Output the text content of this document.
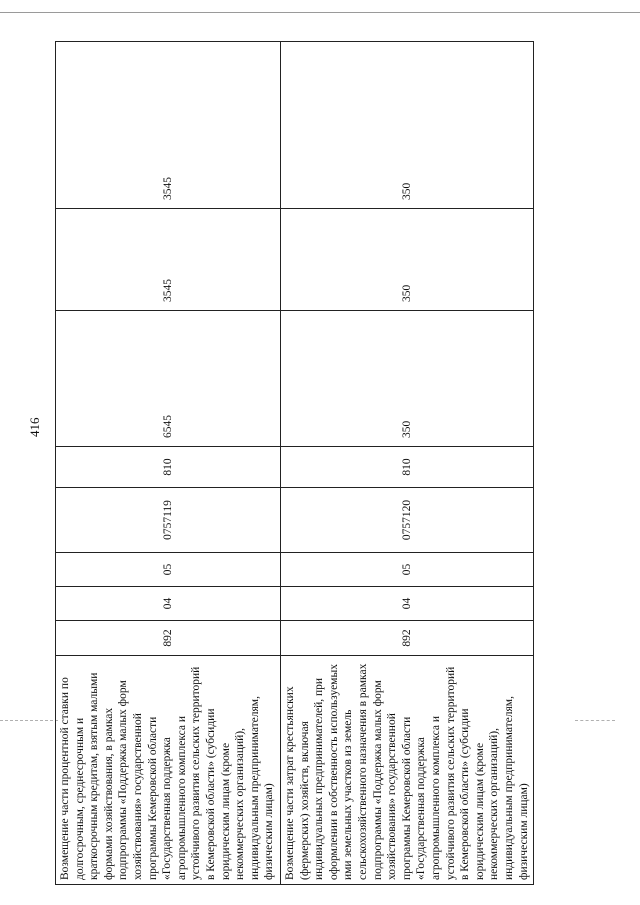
416
Возмещение части процентной ставки по долгосрочным, среднесрочным и краткосрочным кредитам, взятым малыми формами хозяйствования, в рамках подпрограммы «Поддержка малых форм хозяйствования» государственной программы Кемеровской области «Государственная поддержка агропромышленного комплекса и устойчивого развития сельских территорий в Кемеровской области» (субсидии юридическим лицам (кроме некоммерческих организаций), индивидуальным предпринимателям, физическим лицам)	892	04	05	0757119	810	6545	3545	3545

Возмещение части затрат крестьянских (фермерских) хозяйств, включая индивидуальных предпринимателей, при оформлении в собственность используемых ими земельных участков из земель сельскохозяйственного назначения в рамках подпрограммы «Поддержка малых форм хозяйствования» государственной программы Кемеровской области «Государственная поддержка агропромышленного комплекса и устойчивого развития сельских территорий в Кемеровской области» (субсидии юридическим лицам (кроме некоммерческих организаций), индивидуальным предпринимателям, физическим лицам)	892	04	05	0757120	810	350	350	350
